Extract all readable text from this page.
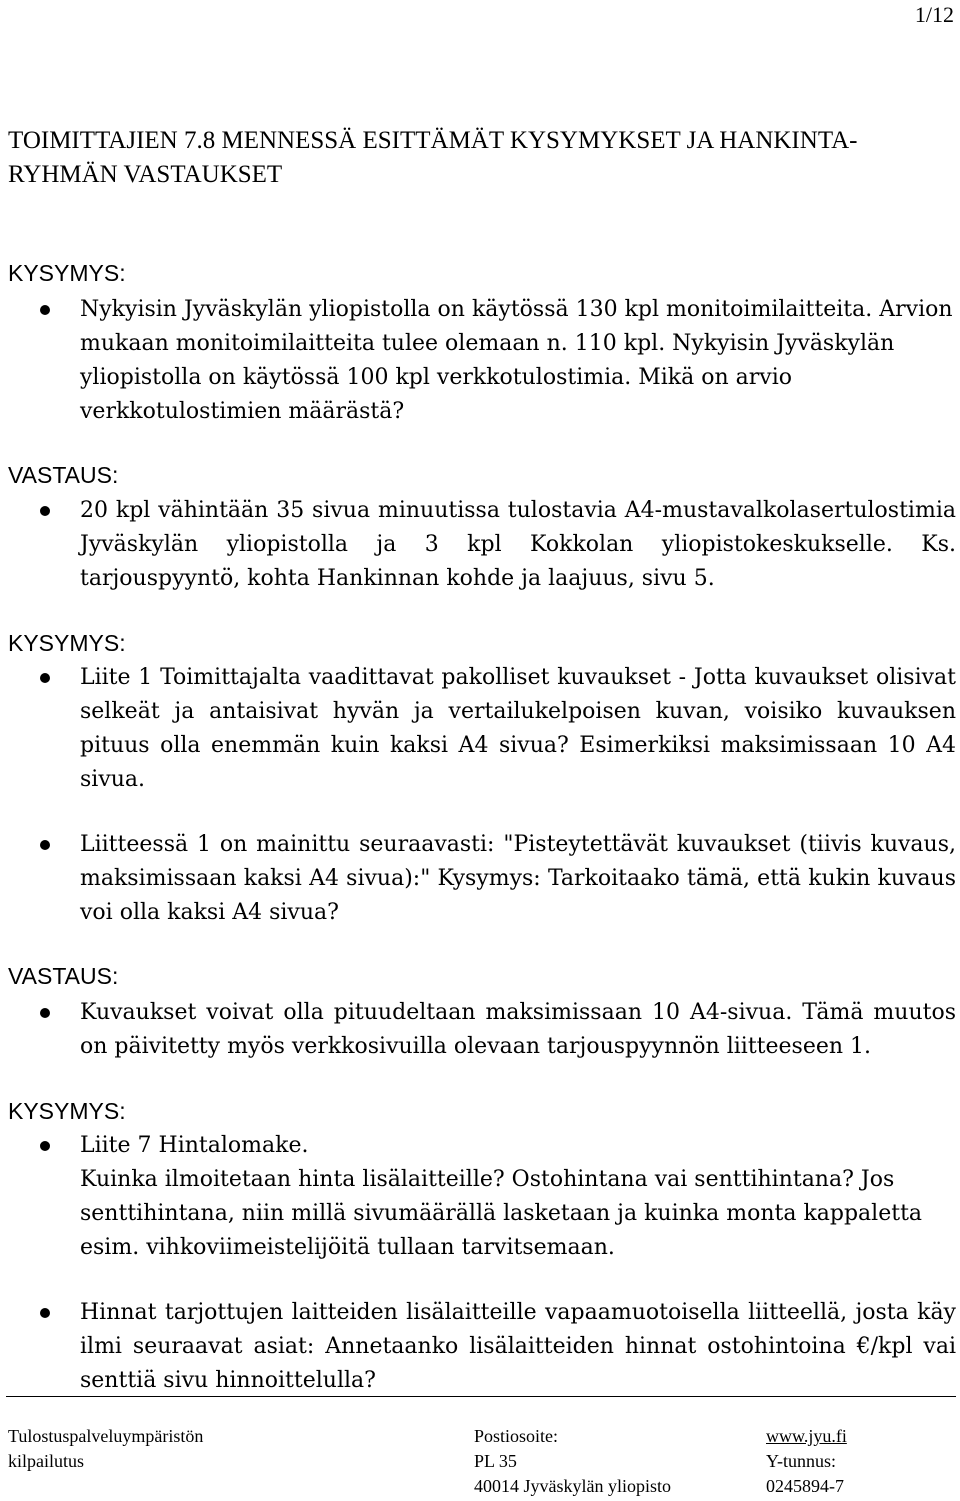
1/12
TOIMITTAJIEN 7.8 MENNESSÄ ESITTÄMÄT KYSYMYKSET JA HANKINTA-RYHMÄN VASTAUKSET
KYSYMYS:
Nykyisin Jyväskylän yliopistolla on käytössä 130 kpl monitoimilaitteita. Arvion mukaan monitoimilaitteita tulee olemaan n. 110 kpl. Nykyisin Jyväskylän yliopistolla on käytössä 100 kpl verkkotulostimia. Mikä on arvio verkkotulostimien määrästä?
VASTAUS:
20 kpl vähintään 35 sivua minuutissa tulostavia A4-mustavalkolasertulostimia Jyväskylän yliopistolla ja 3 kpl Kokkolan yliopistokeskukselle. Ks. tarjouspyyntö, kohta Hankinnan kohde ja laajuus, sivu 5.
KYSYMYS:
Liite 1 Toimittajalta vaadittavat pakolliset kuvaukset - Jotta kuvaukset olisivat selkeät ja antaisivat hyvän ja vertailukelpoisen kuvan, voisiko kuvauksen pituus olla enemmän kuin kaksi A4 sivua? Esimerkiksi maksimissaan 10 A4 sivua.
Liitteessä 1 on mainittu seuraavasti: "Pisteytettävät kuvaukset (tiivis kuvaus, maksimissaan kaksi A4 sivua):" Kysymys: Tarkoitaako tämä, että kukin kuvaus voi olla kaksi A4 sivua?
VASTAUS:
Kuvaukset voivat olla pituudeltaan maksimissaan 10 A4-sivua. Tämä muutos on päivitetty myös verkkosivuilla olevaan tarjouspyynnön liitteeseen 1.
KYSYMYS:
Liite 7 Hintalomake.
Kuinka ilmoitetaan hinta lisälaitteille? Ostohintana vai senttihintana? Jos senttihintana, niin millä sivumäärällä lasketaan ja kuinka monta kappaletta esim. vihkoviimeistelijöitä tullaan tarvitsemaan.
Hinnat tarjottujen laitteiden lisälaitteille vapaamuotoisella liitteellä, josta käy ilmi seuraavat asiat: Annetaanko lisälaitteiden hinnat ostohintoina €/kpl vai senttiä sivu hinnoittelulla?
Tulostuspalveluympäristön
kilpailutus
Postiosoite:
PL 35
40014 Jyväskylän yliopisto
www.jyu.fi
Y-tunnus:
0245894-7
